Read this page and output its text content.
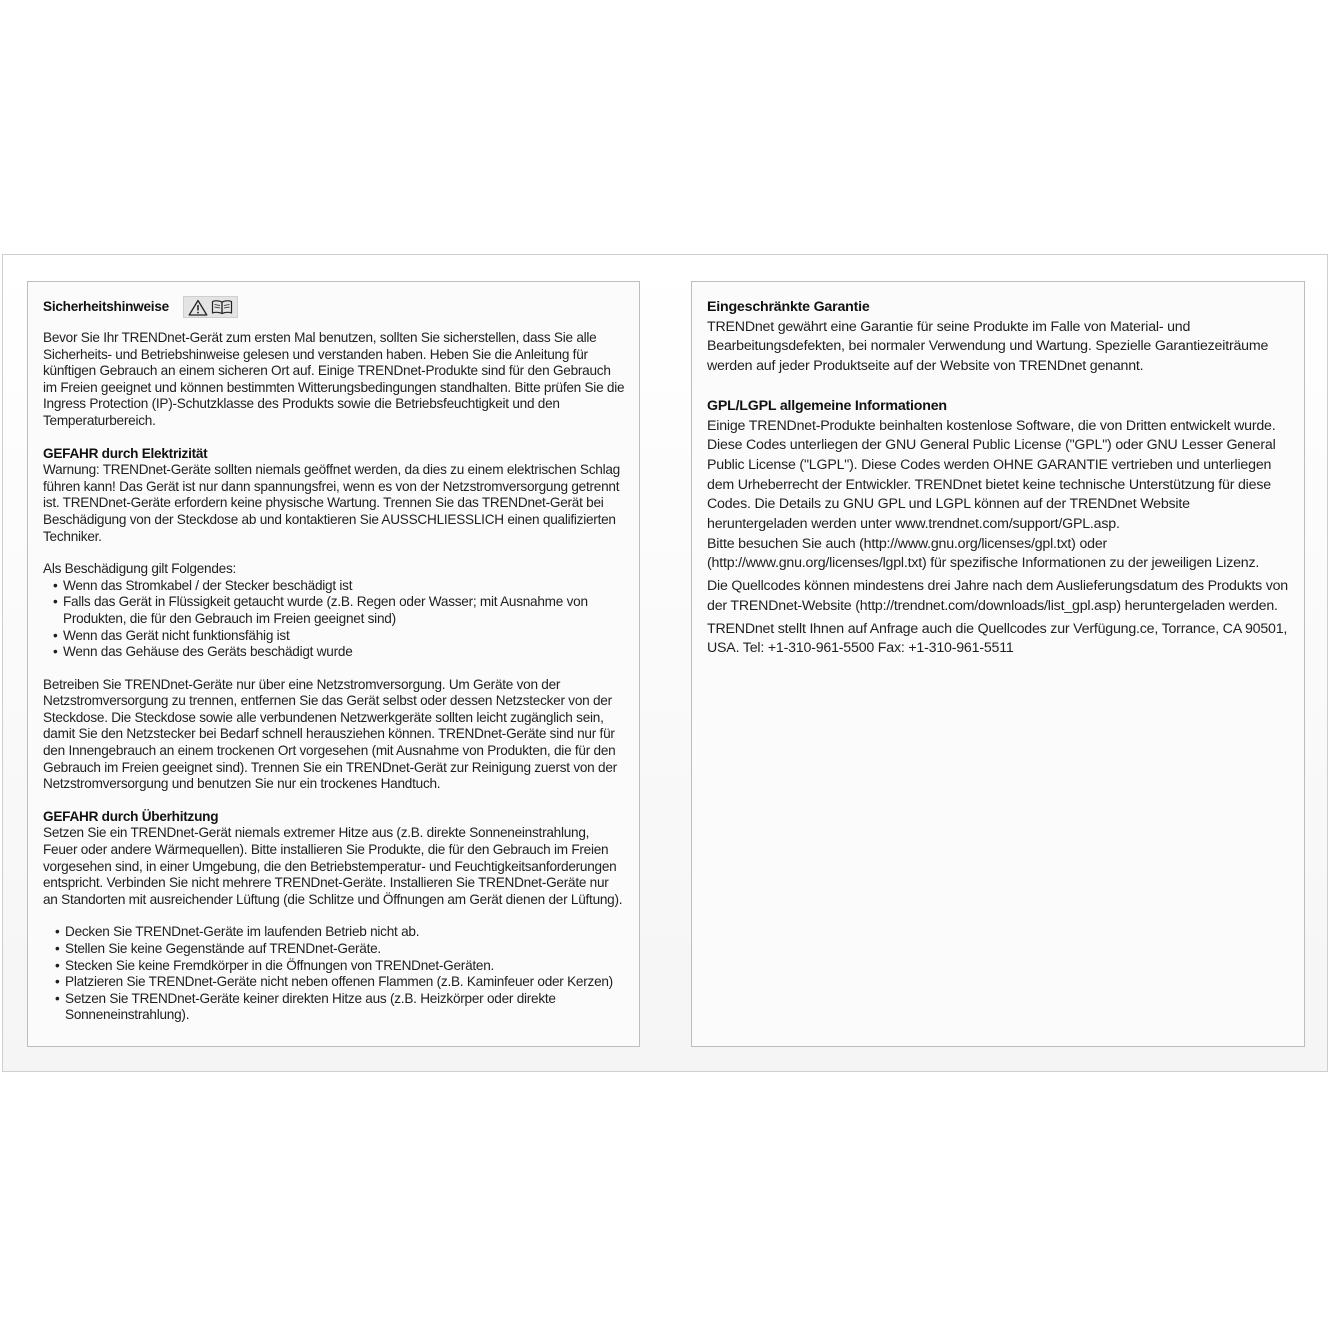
Sicherheitshinweise

Bevor Sie Ihr TRENDnet-Gerät zum ersten Mal benutzen, sollten Sie sicherstellen, dass Sie alle Sicherheits- und Betriebshinweise gelesen und verstanden haben. Heben Sie die Anleitung für künftigen Gebrauch an einem sicheren Ort auf. Einige TRENDnet-Produkte sind für den Gebrauch im Freien geeignet und können bestimmten Witterungsbedingungen standhalten. Bitte prüfen Sie die Ingress Protection (IP)-Schutzklasse des Produkts sowie die Betriebsfeuchtigkeit und den Temperaturbereich.

GEFAHR durch Elektrizität

Warnung: TRENDnet-Geräte sollten niemals geöffnet werden, da dies zu einem elektrischen Schlag führen kann! Das Gerät ist nur dann spannungsfrei, wenn es von der Netzstromversorgung getrennt ist. TRENDnet-Geräte erfordern keine physische Wartung. Trennen Sie das TRENDnet-Gerät bei Beschädigung von der Steckdose ab und kontaktieren Sie AUSSCHLIESSLICH einen qualifizierten Techniker.

Als Beschädigung gilt Folgendes:

• Wenn das Stromkabel / der Stecker beschädigt ist
• Falls das Gerät in Flüssigkeit getaucht wurde (z.B. Regen oder Wasser; mit Ausnahme von Produkten, die für den Gebrauch im Freien geeignet sind)
• Wenn das Gerät nicht funktionsfähig ist
• Wenn das Gehäuse des Geräts beschädigt wurde

Betreiben Sie TRENDnet-Geräte nur über eine Netzstromversorgung. Um Geräte von der Netzstromversorgung zu trennen, entfernen Sie das Gerät selbst oder dessen Netzstecker von der Steckdose. Die Steckdose sowie alle verbundenen Netzwerkgeräte sollten leicht zugänglich sein, damit Sie den Netzstecker bei Bedarf schnell herausziehen können. TRENDnet-Geräte sind nur für den Innengebrauch an einem trockenen Ort vorgesehen (mit Ausnahme von Produkten, die für den Gebrauch im Freien geeignet sind). Trennen Sie ein TRENDnet-Gerät zur Reinigung zuerst von der Netzstromversorgung und benutzen Sie nur ein trockenes Handtuch.

GEFAHR durch Überhitzung

Setzen Sie ein TRENDnet-Gerät niemals extremer Hitze aus (z.B. direkte Sonneneinstrahlung, Feuer oder andere Wärmequellen). Bitte installieren Sie Produkte, die für den Gebrauch im Freien vorgesehen sind, in einer Umgebung, die den Betriebstemperatur- und Feuchtigkeitsanforderungen entspricht. Verbinden Sie nicht mehrere TRENDnet-Geräte. Installieren Sie TRENDnet-Geräte nur an Standorten mit ausreichender Lüftung (die Schlitze und Öffnungen am Gerät dienen der Lüftung).

• Decken Sie TRENDnet-Geräte im laufenden Betrieb nicht ab.
• Stellen Sie keine Gegenstände auf TRENDnet-Geräte.
• Stecken Sie keine Fremdkörper in die Öffnungen von TRENDnet-Geräten.
• Platzieren Sie TRENDnet-Geräte nicht neben offenen Flammen (z.B. Kaminfeuer oder Kerzen)
• Setzen Sie TRENDnet-Geräte keiner direkten Hitze aus (z.B. Heizkörper oder direkte Sonneneinstrahlung).
Eingeschränkte Garantie

TRENDnet gewährt eine Garantie für seine Produkte im Falle von Material- und Bearbeitungsdefekten, bei normaler Verwendung und Wartung. Spezielle Garantiezeiträume werden auf jeder Produktseite auf der Website von TRENDnet genannt.

GPL/LGPL allgemeine Informationen

Einige TRENDnet-Produkte beinhalten kostenlose Software, die von Dritten entwickelt wurde. Diese Codes unterliegen der GNU General Public License ("GPL") oder GNU Lesser General Public License ("LGPL"). Diese Codes werden OHNE GARANTIE vertrieben und unterliegen dem Urheberrecht der Entwickler. TRENDnet bietet keine technische Unterstützung für diese Codes. Die Details zu GNU GPL und LGPL können auf der TRENDnet Website heruntergeladen werden unter www.trendnet.com/support/GPL.asp.

Bitte besuchen Sie auch (http://www.gnu.org/licenses/gpl.txt) oder (http://www.gnu.org/licenses/lgpl.txt) für spezifische Informationen zu der jeweiligen Lizenz.

Die Quellcodes können mindestens drei Jahre nach dem Auslieferungsdatum des Produkts von der TRENDnet-Website (http://trendnet.com/downloads/list_gpl.asp) heruntergeladen werden.

TRENDnet stellt Ihnen auf Anfrage auch die Quellcodes zur Verfügung.ce, Torrance, CA 90501, USA. Tel: +1-310-961-5500 Fax: +1-310-961-5511
